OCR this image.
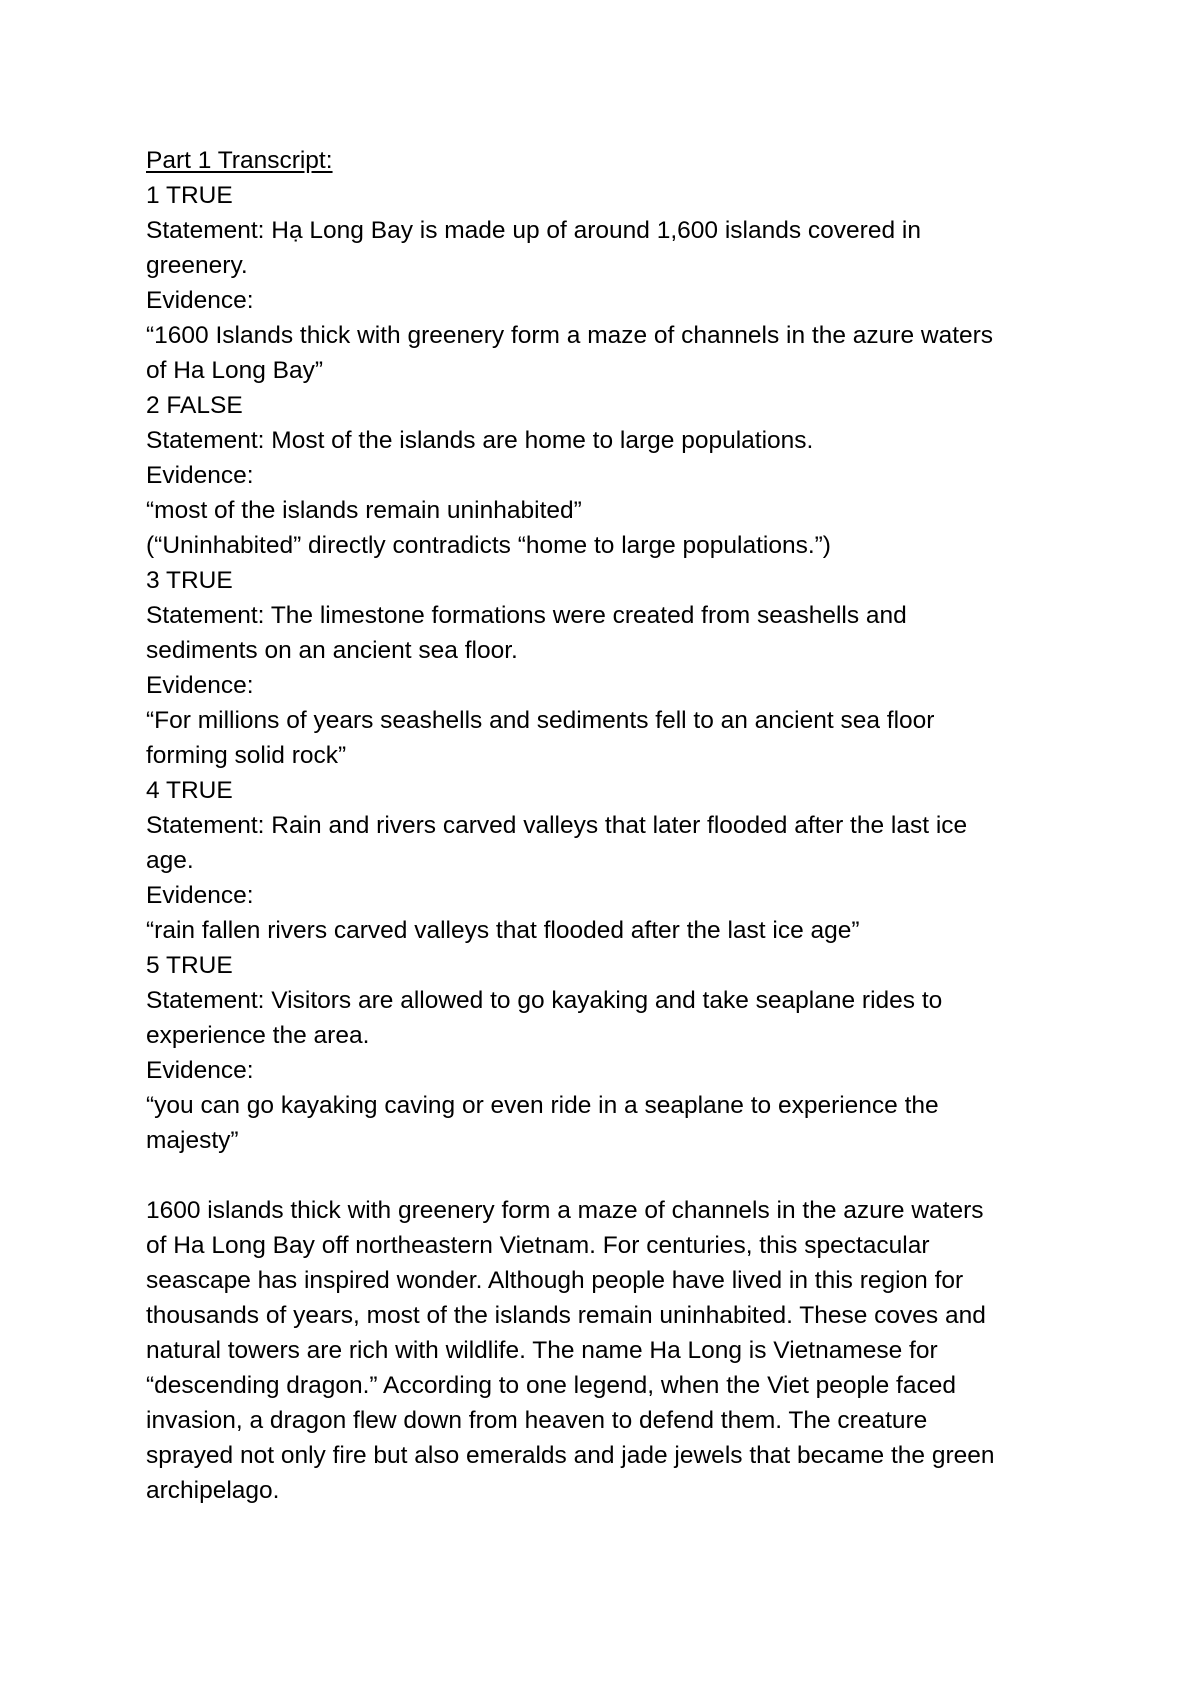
Part 1 Transcript:
1 TRUE
Statement: Hạ Long Bay is made up of around 1,600 islands covered in
greenery.
Evidence:
“1600 Islands thick with greenery form a maze of channels in the azure waters
of Ha Long Bay”
2 FALSE
Statement: Most of the islands are home to large populations.
Evidence:
“most of the islands remain uninhabited”
(“Uninhabited” directly contradicts “home to large populations.”)
3 TRUE
Statement: The limestone formations were created from seashells and
sediments on an ancient sea floor.
Evidence:
“For millions of years seashells and sediments fell to an ancient sea floor
forming solid rock”
4 TRUE
Statement: Rain and rivers carved valleys that later flooded after the last ice
age.
Evidence:
“rain fallen rivers carved valleys that flooded after the last ice age”
5 TRUE
Statement: Visitors are allowed to go kayaking and take seaplane rides to
experience the area.
Evidence:
“you can go kayaking caving or even ride in a seaplane to experience the
majesty”
1600 islands thick with greenery form a maze of channels in the azure waters
of Ha Long Bay off northeastern Vietnam. For centuries, this spectacular
seascape has inspired wonder. Although people have lived in this region for
thousands of years, most of the islands remain uninhabited. These coves and
natural towers are rich with wildlife. The name Ha Long is Vietnamese for
“descending dragon.” According to one legend, when the Viet people faced
invasion, a dragon flew down from heaven to defend them. The creature
sprayed not only fire but also emeralds and jade jewels that became the green
archipelago.
